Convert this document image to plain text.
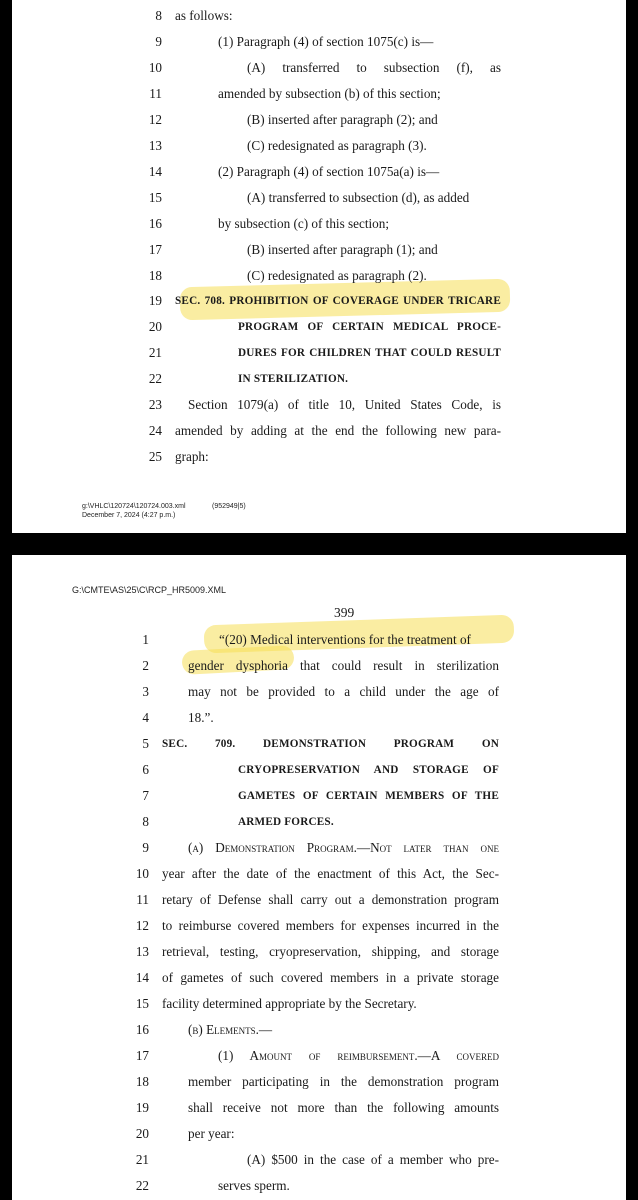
8 as follows:
9	(1) Paragraph (4) of section 1075(c) is—
10	(A) transferred to subsection (f), as
11	amended by subsection (b) of this section;
12	(B) inserted after paragraph (2); and
13	(C) redesignated as paragraph (3).
14	(2) Paragraph (4) of section 1075a(a) is—
15	(A) transferred to subsection (d), as added
16	by subsection (c) of this section;
17	(B) inserted after paragraph (1); and
18	(C) redesignated as paragraph (2).
19 SEC. 708. PROHIBITION OF COVERAGE UNDER TRICARE
20	PROGRAM OF CERTAIN MEDICAL PROCE-
21	DURES FOR CHILDREN THAT COULD RESULT
22	IN STERILIZATION.
23 Section 1079(a) of title 10, United States Code, is
24 amended by adding at the end the following new para-
25 graph:
g:\VHLC\120724\120724.003.xml
December 7, 2024 (4:27 p.m.)
(952949|5)
G:\CMTE\AS\25\C\RCP_HR5009.XML
399
1	“(20) Medical interventions for the treatment of
2	gender dysphoria that could result in sterilization
3	may not be provided to a child under the age of
4	18.”.
5 SEC. 709. DEMONSTRATION PROGRAM ON
6	CRYOPRESERVATION AND STORAGE OF
7	GAMETES OF CERTAIN MEMBERS OF THE
8	ARMED FORCES.
9	(a) Demonstration Program.—Not later than one
10 year after the date of the enactment of this Act, the Sec-
11 retary of Defense shall carry out a demonstration program
12 to reimburse covered members for expenses incurred in the
13 retrieval, testing, cryopreservation, shipping, and storage
14 of gametes of such covered members in a private storage
15 facility determined appropriate by the Secretary.
16	(b) Elements.—
17	(1) Amount of reimbursement.—A covered
18	member participating in the demonstration program
19	shall receive not more than the following amounts
20	per year:
21	(A) $500 in the case of a member who pre-
22	serves sperm.
